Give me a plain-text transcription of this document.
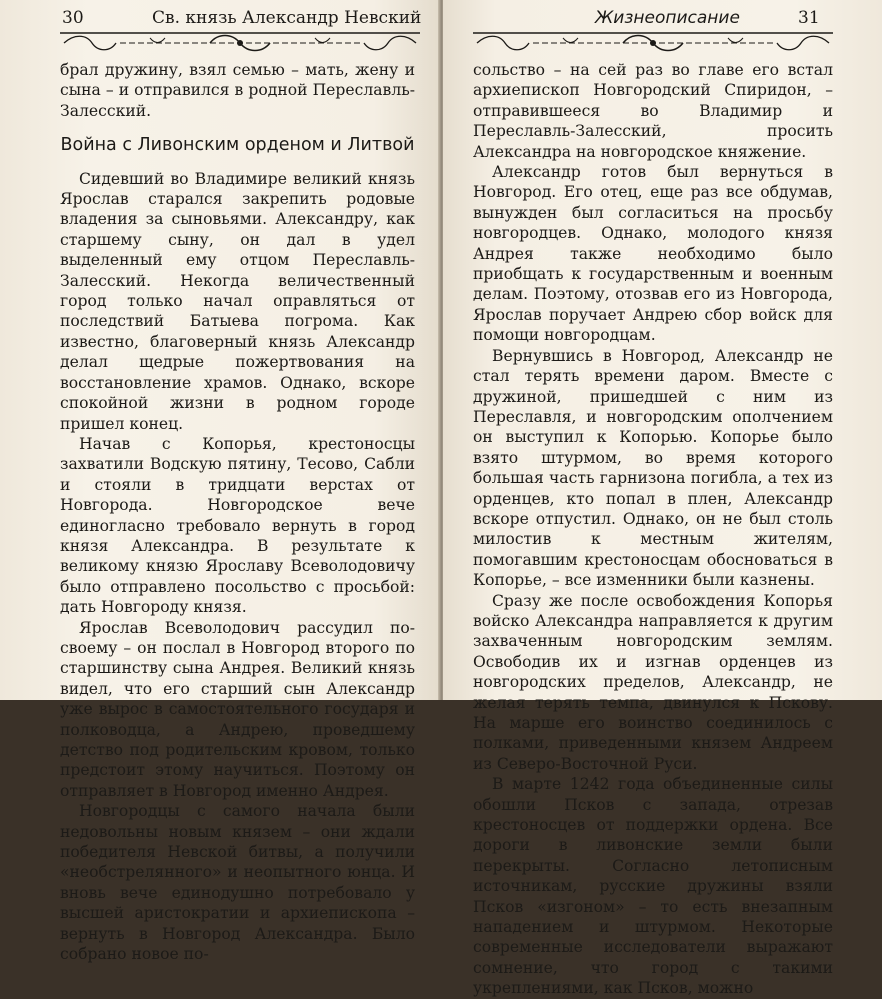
30	Св. князь Александр Невский

брал дружину, взял семью – мать, жену и сына – и отправился в родной Переславль-Залесский.

Война с Ливонским орденом и Литвой

Сидевший во Владимире великий князь Ярослав старался закрепить родовые владения за сыновьями. Александру, как старшему сыну, он дал в удел выделенный ему отцом Переславль-Залесский. Некогда величественный город только начал оправляться от последствий Батыева погрома. Как известно, благоверный князь Александр делал щедрые пожертвования на восстановление храмов. Однако, вскоре спокойной жизни в родном городе пришел конец.

Начав с Копорья, крестоносцы захватили Водскую пятину, Тесово, Сабли и стояли в тридцати верстах от Новгорода. Новгородское вече единогласно требовало вернуть в город князя Александра. В результате к великому князю Ярославу Всеволодовичу было отправлено посольство с просьбой: дать Новгороду князя.

Ярослав Всеволодович рассудил по-своему – он послал в Новгород второго по старшинству сына Андрея. Великий князь видел, что его старший сын Александр уже вырос в самостоятельного государя и полководца, а Андрею, проведшему детство под родительским кровом, только предстоит этому научиться. Поэтому он отправляет в Новгород именно Андрея.

Новгородцы с самого начала были недовольны новым князем – они ждали победителя Невской битвы, а получили «необстрелянного» и неопытного юнца. И вновь вече единодушно потребовало у высшей аристократии и архиепископа – вернуть в Новгород Александра. Было собрано новое по-

Жизнеописание	31

сольство – на сей раз во главе его встал архиепископ Новгородский Спиридон, – отправившееся во Владимир и Переславль-Залесский, просить Александра на новгородское княжение.

Александр готов был вернуться в Новгород. Его отец, еще раз все обдумав, вынужден был согласиться на просьбу новгородцев. Однако, молодого князя Андрея также необходимо было приобщать к государственным и военным делам. Поэтому, отозвав его из Новгорода, Ярослав поручает Андрею сбор войск для помощи новгородцам.

Вернувшись в Новгород, Александр не стал терять времени даром. Вместе с дружиной, пришедшей с ним из Переславля, и новгородским ополчением он выступил к Копорью. Копорье было взято штурмом, во время которого большая часть гарнизона погибла, а тех из орденцев, кто попал в плен, Александр вскоре отпустил. Однако, он не был столь милостив к местным жителям, помогавшим крестоносцам обосноваться в Копорье, – все изменники были казнены.

Сразу же после освобождения Копорья войско Александра направляется к другим захваченным новгородским землям. Освободив их и изгнав орденцев из новгородских пределов, Александр, не желая терять темпа, двинулся к Пскову. На марше его воинство соединилось с полками, приведенными князем Андреем из Северо-Восточной Руси.

В марте 1242 года объединенные силы обошли Псков с запада, отрезав крестоносцев от поддержки ордена. Все дороги в ливонские земли были перекрыты. Согласно летописным источникам, русские дружины взяли Псков «изгоном» – то есть внезапным нападением и штурмом. Некоторые современные исследователи выражают сомнение, что город с такими укреплениями, как Псков, можно
